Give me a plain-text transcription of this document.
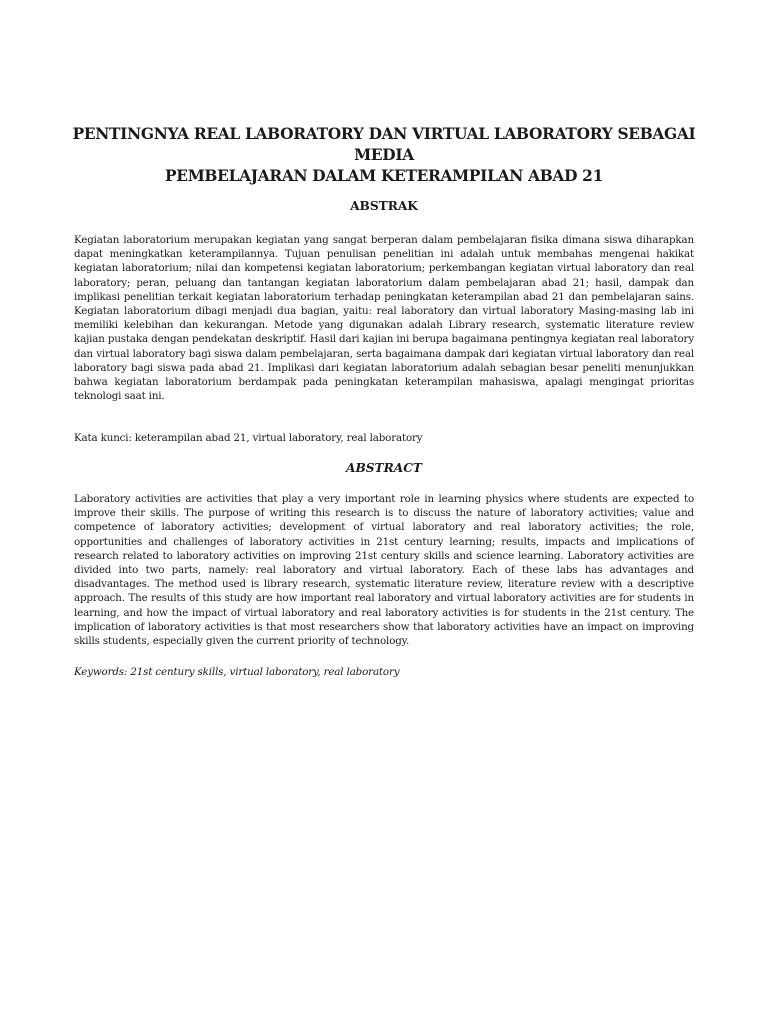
PENTINGNYA REAL LABORATORY DAN VIRTUAL LABORATORY SEBAGAI MEDIA
PEMBELAJARAN DALAM KETERAMPILAN ABAD 21
ABSTRAK

Kegiatan laboratorium merupakan kegiatan yang sangat berperan dalam pembelajaran fisika dimana siswa diharapkan dapat meningkatkan keterampilannya. Tujuan penulisan penelitian ini adalah untuk membahas mengenai hakikat kegiatan laboratorium; nilai dan kompetensi kegiatan laboratorium; perkembangan kegiatan virtual laboratory dan real laboratory; peran, peluang dan tantangan kegiatan laboratorium dalam pembelajaran abad 21; hasil, dampak dan implikasi penelitian terkait kegiatan laboratorium terhadap peningkatan keterampilan abad 21 dan pembelajaran sains. Kegiatan laboratorium dibagi menjadi dua bagian, yaitu: real laboratory dan virtual laboratory Masing-masing lab ini memiliki kelebihan dan kekurangan. Metode yang digunakan adalah Library research, systematic literature review kajian pustaka dengan pendekatan deskriptif. Hasil dari kajian ini berupa bagaimana pentingnya kegiatan real laboratory dan virtual laboratory bagi siswa dalam pembelajaran, serta bagaimana dampak dari kegiatan virtual laboratory dan real laboratory bagi siswa pada abad 21. Implikasi dari kegiatan laboratorium adalah sebagian besar peneliti menunjukkan bahwa kegiatan laboratorium berdampak pada peningkatan keterampilan mahasiswa, apalagi mengingat prioritas teknologi saat ini.

Kata kunci: keterampilan abad 21, virtual laboratory, real laboratory

ABSTRACT

Laboratory activities are activities that play a very important role in learning physics where students are expected to improve their skills. The purpose of writing this research is to discuss the nature of laboratory activities; value and competence of laboratory activities; development of virtual laboratory and real laboratory activities; the role, opportunities and challenges of laboratory activities in 21st century learning; results, impacts and implications of research related to laboratory activities on improving 21st century skills and science learning. Laboratory activities are divided into two parts, namely: real laboratory and virtual laboratory. Each of these labs has advantages and disadvantages. The method used is library research, systematic literature review, literature review with a descriptive approach. The results of this study are how important real laboratory and virtual laboratory activities are for students in learning, and how the impact of virtual laboratory and real laboratory activities is for students in the 21st century. The implication of laboratory activities is that most researchers show that laboratory activities have an impact on improving skills students, especially given the current priority of technology.

Keywords: 21st century skills, virtual laboratory, real laboratory
